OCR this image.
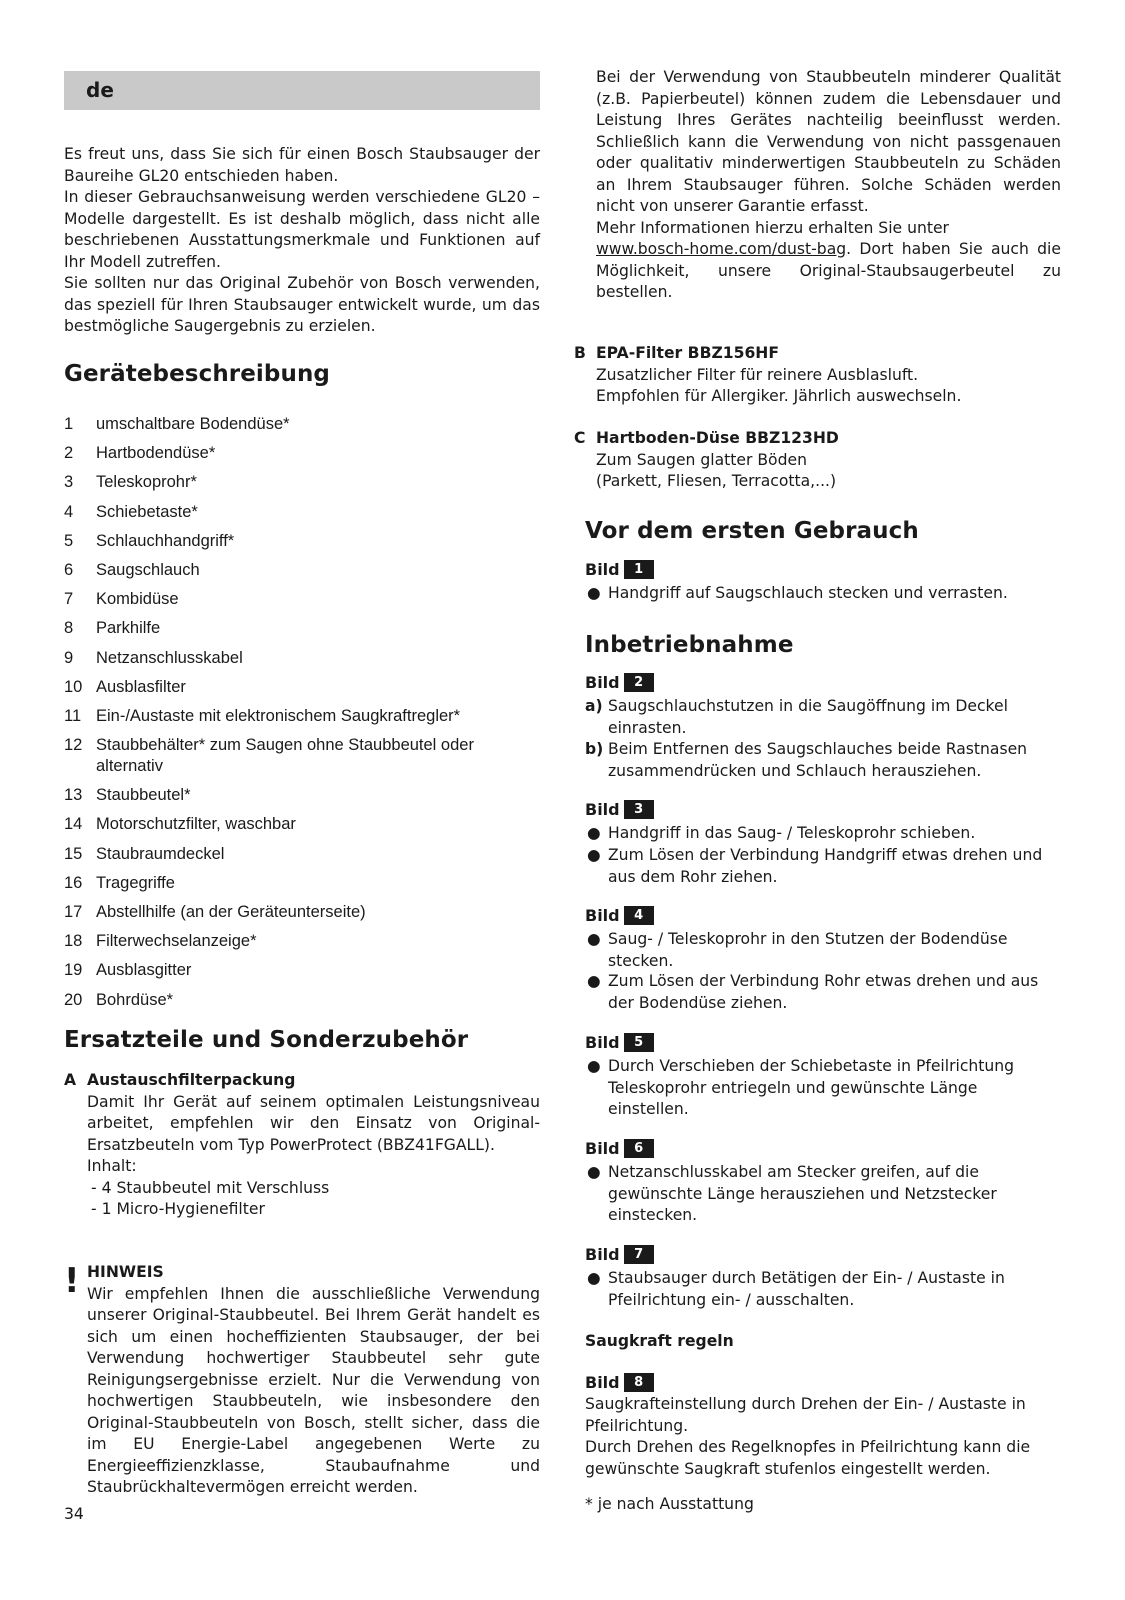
de
Es freut uns, dass Sie sich für einen Bosch Staubsauger der Baureihe GL20 entschieden haben.
In dieser Gebrauchsanweisung werden verschiedene GL20 – Modelle dargestellt. Es ist deshalb möglich, dass nicht alle beschriebenen Ausstattungsmerkmale und Funktionen auf Ihr Modell zutreffen.
Sie sollten nur das Original Zubehör von Bosch verwenden, das speziell für Ihren Staubsauger entwickelt wurde, um das bestmögliche Saugergebnis zu erzielen.
Gerätebeschreibung
1 umschaltbare Bodendüse*
2 Hartbodendüse*
3 Teleskoprohr*
4 Schiebetaste*
5 Schlauchhandgriff*
6 Saugschlauch
7 Kombidüse
8 Parkhilfe
9 Netzanschlusskabel
10 Ausblasfilter
11 Ein-/Austaste mit elektronischem Saugkraftregler*
12 Staubbehälter* zum Saugen ohne Staubbeutel oder alternativ
13 Staubbeutel*
14 Motorschutzfilter, waschbar
15 Staubraumdeckel
16 Tragegriffe
17 Abstellhilfe (an der Geräteunterseite)
18 Filterwechselanzeige*
19 Ausblasgitter
20 Bohrdüse*
Ersatzteile und Sonderzubehör
A Austauschfilterpackung
Damit Ihr Gerät auf seinem optimalen Leistungsniveau arbeitet, empfehlen wir den Einsatz von Original-Ersatzbeuteln vom Typ PowerProtect (BBZ41FGALL).
Inhalt:
- 4 Staubbeutel mit Verschluss
- 1 Micro-Hygienefilter
! HINWEIS
Wir empfehlen Ihnen die ausschließliche Verwendung unserer Original-Staubbeutel. Bei Ihrem Gerät handelt es sich um einen hocheffizienten Staubsauger, der bei Verwendung hochwertiger Staubbeutel sehr gute Reinigungsergebnisse erzielt. Nur die Verwendung von hochwertigen Staubbeuteln, wie insbesondere den Original-Staubbeuteln von Bosch, stellt sicher, dass die im EU Energie-Label angegebenen Werte zu Energieeffizienzklasse, Staubaufnahme und Staubrückhaltevermögen erreicht werden.
34
Bei der Verwendung von Staubbeuteln minderer Qualität (z.B. Papierbeutel) können zudem die Lebensdauer und Leistung Ihres Gerätes nachteilig beeinflusst werden. Schließlich kann die Verwendung von nicht passgenauen oder qualitativ minderwertigen Staubbeuteln zu Schäden an Ihrem Staubsauger führen. Solche Schäden werden nicht von unserer Garantie erfasst.
Mehr Informationen hierzu erhalten Sie unter
www.bosch-home.com/dust-bag. Dort haben Sie auch die Möglichkeit, unsere Original-Staubsaugerbeutel zu bestellen.
B EPA-Filter BBZ156HF
Zusatzlicher Filter für reinere Ausblasluft.
Empfohlen für Allergiker. Jährlich auswechseln.
C Hartboden-Düse BBZ123HD
Zum Saugen glatter Böden
(Parkett, Fliesen, Terracotta,...)
Vor dem ersten Gebrauch
Bild 1
● Handgriff auf Saugschlauch stecken und verrasten.
Inbetriebnahme
Bild 2
a) Saugschlauchstutzen in die Saugöffnung im Deckel einrasten.
b) Beim Entfernen des Saugschlauches beide Rastnasen zusammendrücken und Schlauch herausziehen.
Bild 3
● Handgriff in das Saug- / Teleskoprohr schieben.
● Zum Lösen der Verbindung Handgriff etwas drehen und aus dem Rohr ziehen.
Bild 4
● Saug- / Teleskoprohr in den Stutzen der Bodendüse stecken.
● Zum Lösen der Verbindung Rohr etwas drehen und aus der Bodendüse ziehen.
Bild 5
● Durch Verschieben der Schiebetaste in Pfeilrichtung Teleskoprohr entriegeln und gewünschte Länge einstellen.
Bild 6
● Netzanschlusskabel am Stecker greifen, auf die gewünschte Länge herausziehen und Netzstecker einstecken.
Bild 7
● Staubsauger durch Betätigen der Ein- / Austaste in Pfeilrichtung ein- / ausschalten.
Saugkraft regeln
Bild 8
Saugkrafteinstellung durch Drehen der Ein- / Austaste in Pfeilrichtung.
Durch Drehen des Regelknopfes in Pfeilrichtung kann die gewünschte Saugkraft stufenlos eingestellt werden.
* je nach Ausstattung
